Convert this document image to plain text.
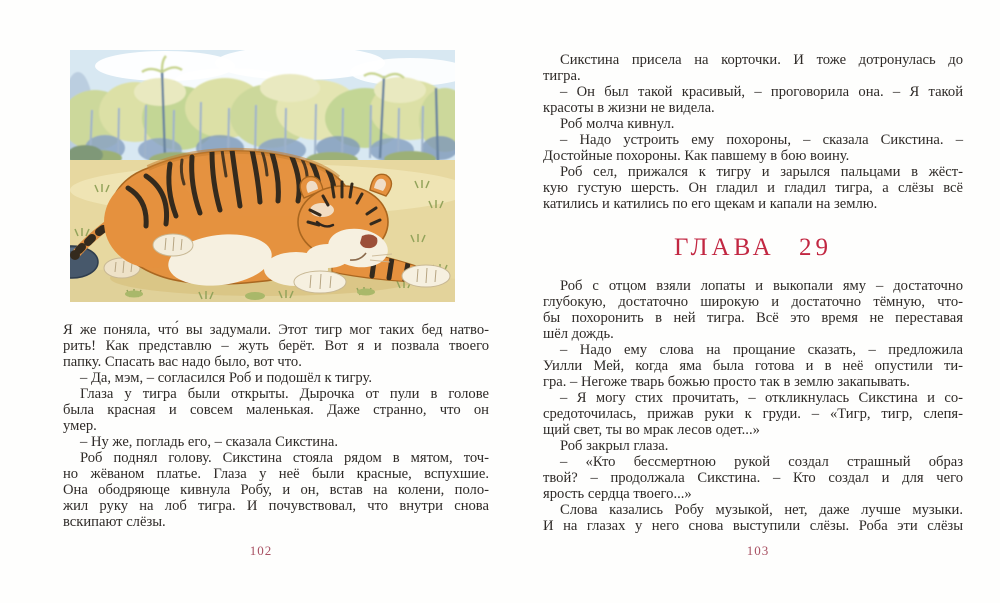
Я же поняла, что́ вы задумали. Этот тигр мог таких бед натво-
рить! Как представлю – жуть берёт. Вот я и позвала твоего
папку. Спасать вас надо было, вот что.
– Да, мэм, – согласился Роб и подошёл к тигру.
Глаза у тигра были открыты. Дырочка от пули в голове
была красная и совсем маленькая. Даже странно, что он
умер.
– Ну же, погладь его, – сказала Сикстина.
Роб поднял голову. Сикстина стояла рядом в мятом, точ-
но жёваном платье. Глаза у неё были красные, вспухшие.
Она ободряюще кивнула Робу, и он, встав на колени, поло-
жил руку на лоб тигра. И почувствовал, что внутри снова
вскипают слёзы.
102
Сикстина присела на корточки. И тоже дотронулась до
тигра.
– Он был такой красивый, – проговорила она. – Я такой
красоты в жизни не видела.
Роб молча кивнул.
– Надо устроить ему похороны, – сказала Сикстина. –
Достойные похороны. Как павшему в бою воину.
Роб сел, прижался к тигру и зарылся пальцами в жёст-
кую густую шерсть. Он гладил и гладил тигра, а слёзы всё
катились и катились по его щекам и капали на землю.
ГЛАВА 29
Роб с отцом взяли лопаты и выкопали яму – достаточно
глубокую, достаточно широкую и достаточно тёмную, что-
бы похоронить в ней тигра. Всё это время не переставая
шёл дождь.
– Надо ему слова на прощание сказать, – предложила
Уилли Мей, когда яма была готова и в неё опустили ти-
гра. – Негоже тварь божью просто так в землю закапывать.
– Я могу стих прочитать, – откликнулась Сикстина и со-
средоточилась, прижав руки к груди. – «Тигр, тигр, слепя-
щий свет, ты во мрак лесов одет...»
Роб закрыл глаза.
– «Кто бессмертною рукой создал страшный образ
твой? – продолжала Сикстина. – Кто создал и для чего
ярость сердца твоего...»
Слова казались Робу музыкой, нет, даже лучше музыки.
И на глазах у него снова выступили слёзы. Роба эти слёзы
103
